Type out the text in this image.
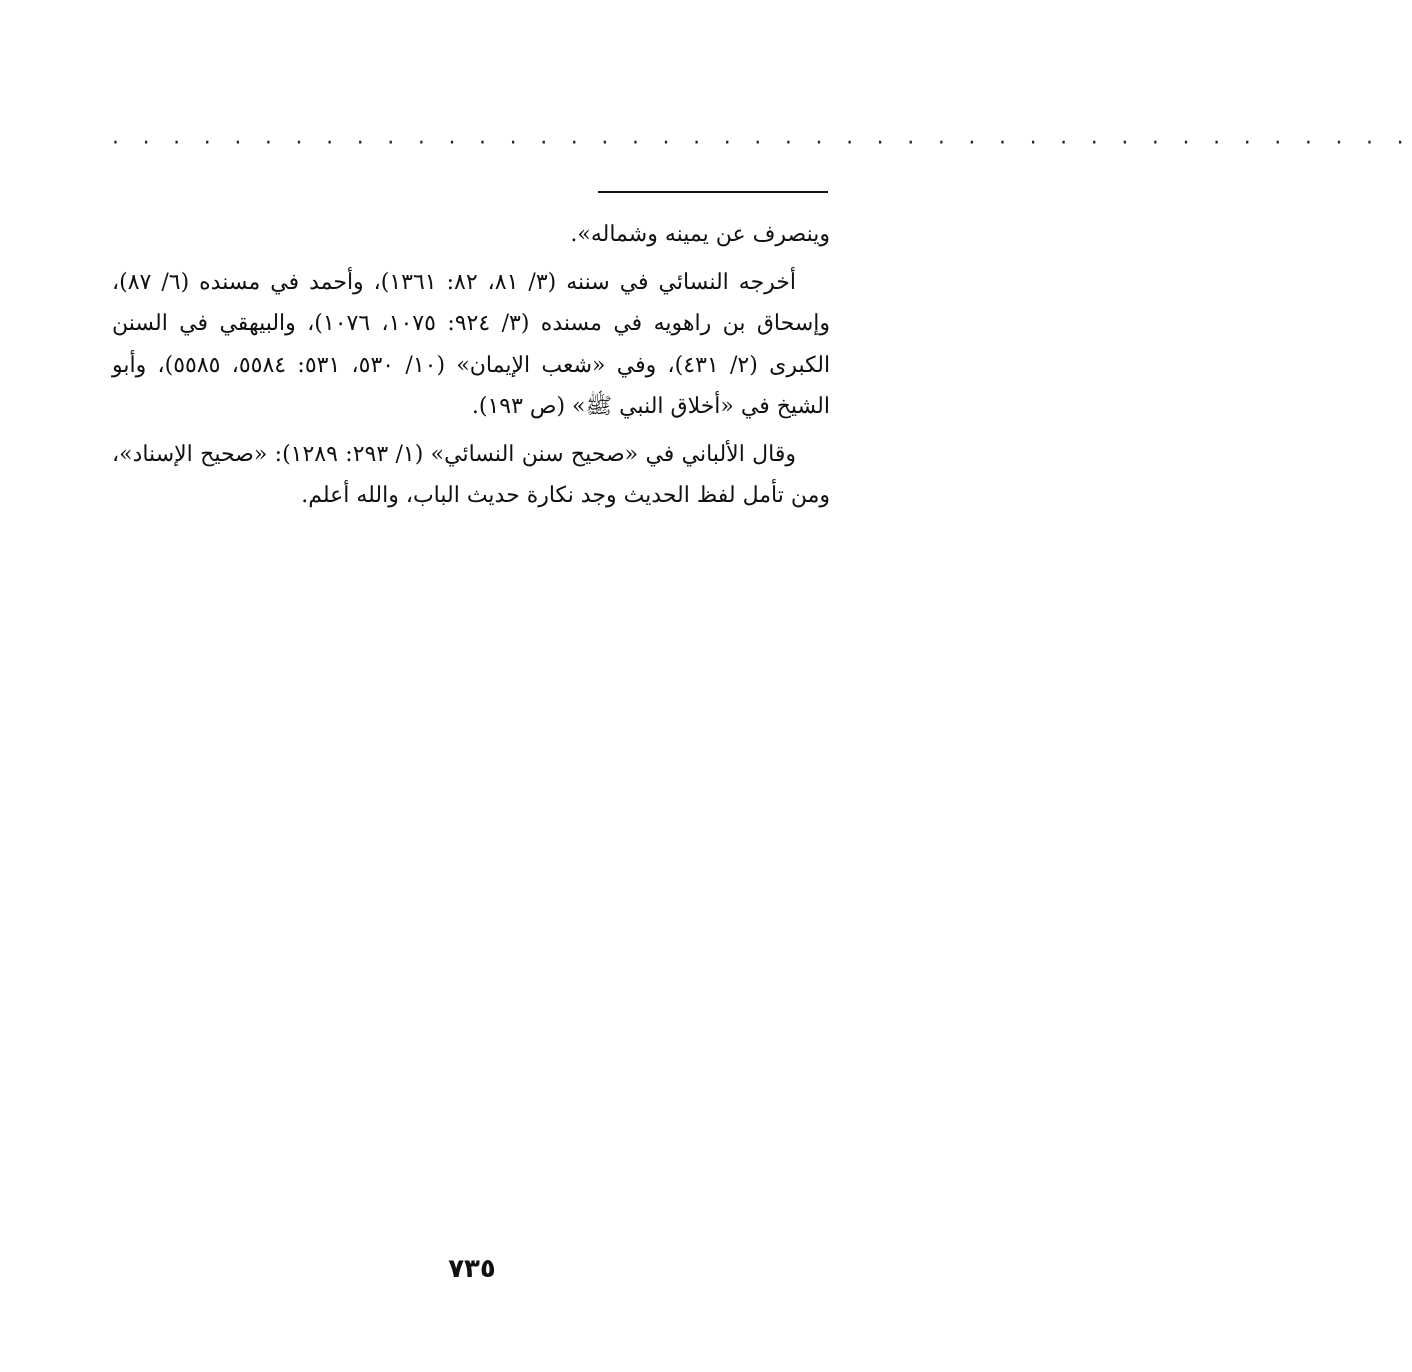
· · · · · · · · · · · · · · · · · · · · · · · · · · · · · · · · · · · · · · · · · · ·

وينصرف عن يمينه وشماله».

أخرجه النسائي في سننه (٣/ ٨١، ٨٢: ١٣٦١)، وأحمد في مسنده (٦/ ٨٧)، وإسحاق بن راهويه في مسنده (٣/ ٩٢٤: ١٠٧٥، ١٠٧٦)، والبيهقي في السنن الكبرى (٢/ ٤٣١)، وفي «شعب الإيمان» (١٠/ ٥٣٠، ٥٣١: ٥٥٨٤، ٥٥٨٥)، وأبو الشيخ في «أخلاق النبي ﷺ» (ص ١٩٣).

وقال الألباني في «صحيح سنن النسائي» (١/ ٢٩٣: ١٢٨٩): «صحيح الإسناد»، ومن تأمل لفظ الحديث وجد نكارة حديث الباب، والله أعلم.

٧٣٥
